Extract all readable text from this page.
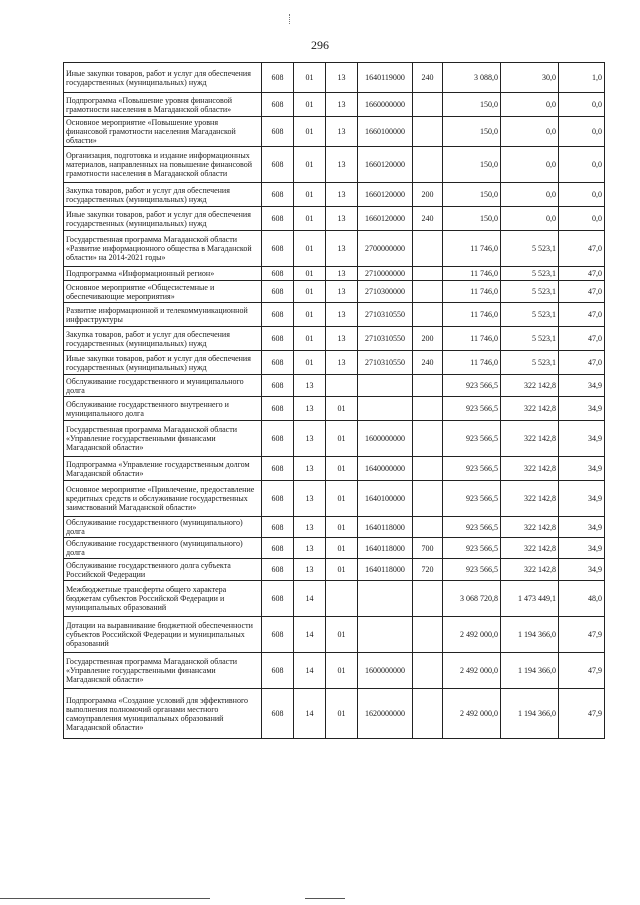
296
Иные закупки товаров, работ и услуг для обеспечения государственных (муниципальных) нужд	608	01	13	1640119000	240	3 088,0	30,0	1,0
Подпрограмма «Повышение уровня финансовой грамотности населения в Магаданской области»	608	01	13	1660000000		150,0	0,0	0,0
Основное мероприятие «Повышение уровня финансовой грамотности населения Магаданской области»	608	01	13	1660100000		150,0	0,0	0,0
Организация, подготовка и издание информационных материалов, направленных на повышение финансовой грамотности населения в Магаданской области	608	01	13	1660120000		150,0	0,0	0,0
Закупка товаров, работ и услуг для обеспечения государственных (муниципальных) нужд	608	01	13	1660120000	200	150,0	0,0	0,0
Иные закупки товаров, работ и услуг для обеспечения государственных (муниципальных) нужд	608	01	13	1660120000	240	150,0	0,0	0,0
Государственная программа Магаданской области «Развитие информационного общества в Магаданской области» на 2014-2021 годы»	608	01	13	2700000000		11 746,0	5 523,1	47,0
Подпрограмма «Информационный регион»	608	01	13	2710000000		11 746,0	5 523,1	47,0
Основное мероприятие «Общесистемные и обеспечивающие мероприятия»	608	01	13	2710300000		11 746,0	5 523,1	47,0
Развитие информационной и телекоммуникационной инфраструктуры	608	01	13	2710310550		11 746,0	5 523,1	47,0
Закупка товаров, работ и услуг для обеспечения государственных (муниципальных) нужд	608	01	13	2710310550	200	11 746,0	5 523,1	47,0
Иные закупки товаров, работ и услуг для обеспечения государственных (муниципальных) нужд	608	01	13	2710310550	240	11 746,0	5 523,1	47,0
Обслуживание государственного и муниципального долга	608	13				923 566,5	322 142,8	34,9
Обслуживание государственного внутреннего и муниципального долга	608	13	01			923 566,5	322 142,8	34,9
Государственная программа Магаданской области «Управление государственными финансами Магаданской области»	608	13	01	1600000000		923 566,5	322 142,8	34,9
Подпрограмма «Управление государственным долгом Магаданской области»	608	13	01	1640000000		923 566,5	322 142,8	34,9
Основное мероприятие «Привлечение, предоставление кредитных средств и обслуживание государственных заимствований Магаданской области»	608	13	01	1640100000		923 566,5	322 142,8	34,9
Обслуживание государственного (муниципального) долга	608	13	01	1640118000		923 566,5	322 142,8	34,9
Обслуживание государственного (муниципального) долга	608	13	01	1640118000	700	923 566,5	322 142,8	34,9
Обслуживание государственного долга субъекта Российской Федерации	608	13	01	1640118000	720	923 566,5	322 142,8	34,9
Межбюджетные трансферты общего характера бюджетам субъектов Российской Федерации и муниципальных образований	608	14				3 068 720,8	1 473 449,1	48,0
Дотации на выравнивание бюджетной обеспеченности субъектов Российской Федерации и муниципальных образований	608	14	01			2 492 000,0	1 194 366,0	47,9
Государственная программа Магаданской области «Управление государственными финансами Магаданской области»	608	14	01	1600000000		2 492 000,0	1 194 366,0	47,9
Подпрограмма «Создание условий для эффективного выполнения полномочий органами местного самоуправления муниципальных образований Магаданской области»	608	14	01	1620000000		2 492 000,0	1 194 366,0	47,9
